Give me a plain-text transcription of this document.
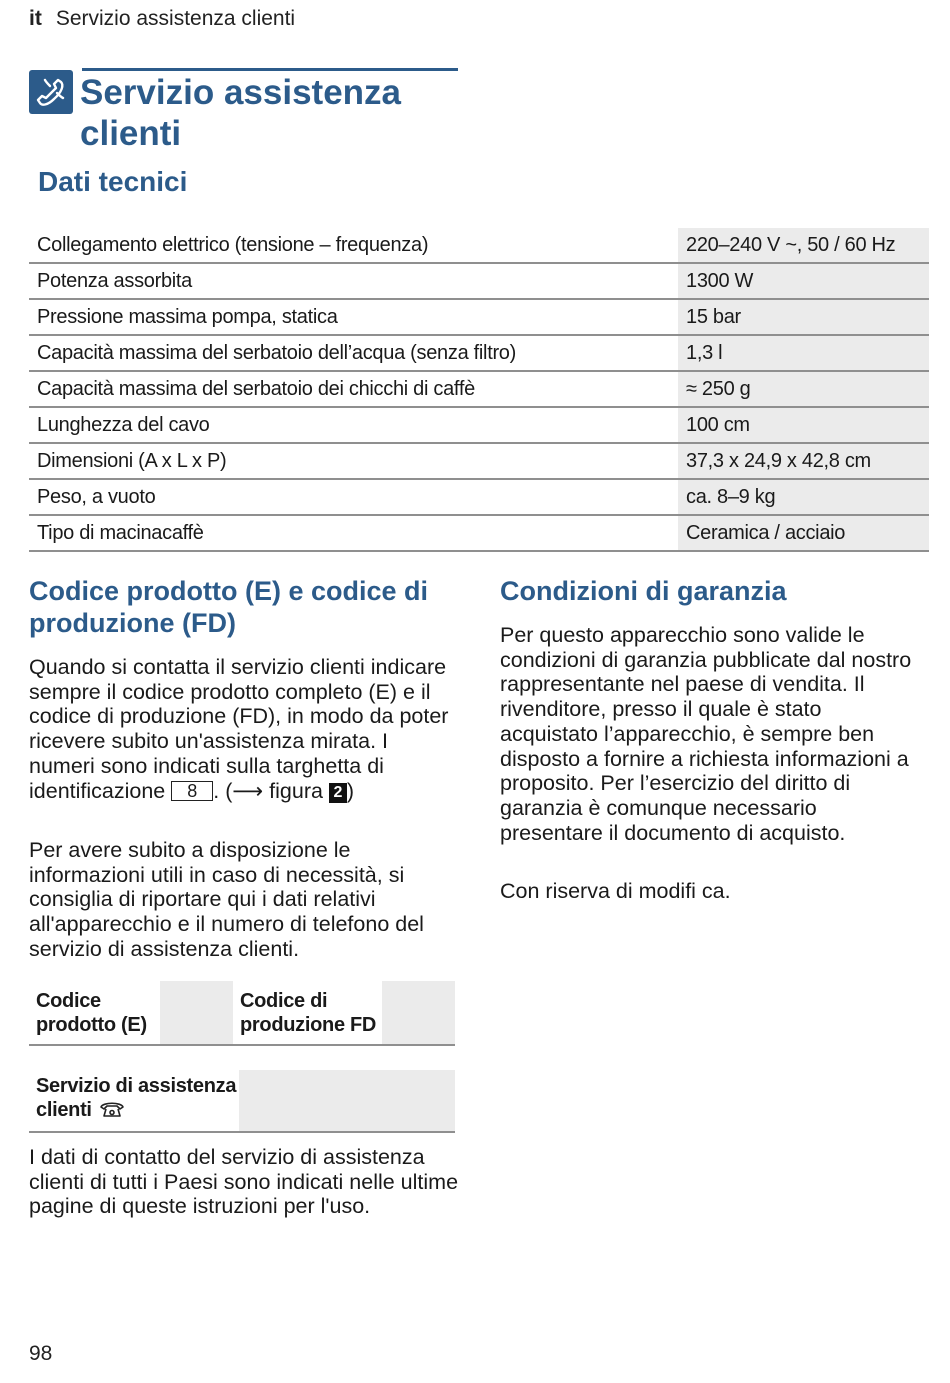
it Servizio assistenza clienti
Servizio assistenza clienti
Dati tecnici
Collegamento elettrico (tensione – frequenza)		220–240 V ~, 50 / 60 Hz
Potenza assorbita		1300 W
Pressione massima pompa, statica		15 bar
Capacità massima del serbatoio dell’acqua (senza filtro)		1,3 l
Capacità massima del serbatoio dei chicchi di caffè		≈ 250 g
Lunghezza del cavo		100 cm
Dimensioni (A x L x P)		37,3 x 24,9 x 42,8 cm
Peso, a vuoto		ca. 8–9 kg
Tipo di macinacaffè		Ceramica / acciaio
Codice prodotto (E) e codice di produzione (FD)
Quando si contatta il servizio clienti indicare sempre il codice prodotto completo (E) e il codice di produzione (FD), in modo da poter ricevere subito un'assistenza mirata. I numeri sono indicati sulla targhetta di identificazione 8 . (⟶ figura 2 )
Per avere subito a disposizione le informazioni utili in caso di necessità, si consiglia di riportare qui i dati relativi all'apparecchio e il numero di telefono del servizio di assistenza clienti.
Codice prodotto (E)
Codice di produzione FD
Servizio di assistenza clienti
I dati di contatto del servizio di assistenza clienti di tutti i Paesi sono indicati nelle ultime pagine di queste istruzioni per l'uso.
Condizioni di garanzia
Per questo apparecchio sono valide le condizioni di garanzia pubblicate dal nostro rappresentante nel paese di vendita. Il rivenditore, presso il quale è stato acquistato l’apparecchio, è sempre ben disposto a fornire a richiesta informazioni a proposito. Per l’esercizio del diritto di garanzia è comunque necessario presentare il documento di acquisto.
Con riserva di modifi ca.
98
